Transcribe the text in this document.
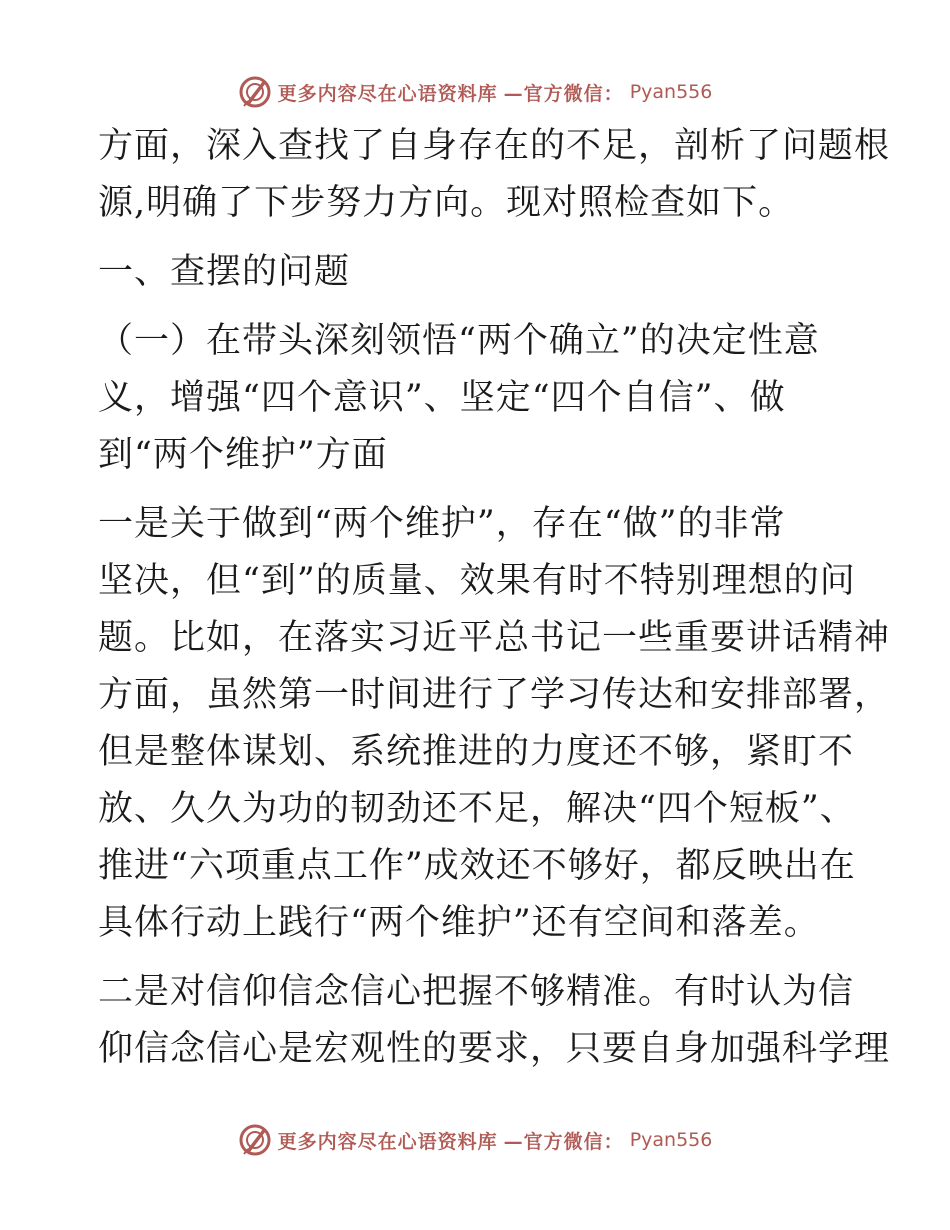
更多内容尽在心语资料库 —官方微信： Pyan556
方面，深入查找了自身存在的不足，剖析了问题根
源,明确了下步努力方向。现对照检查如下。
一、查摆的问题
（一）在带头深刻领悟“两个确立”的决定性意
义，增强“四个意识”、坚定“四个自信”、做
到“两个维护”方面
一是关于做到“两个维护”，存在“做”的非常
坚决，但“到”的质量、效果有时不特别理想的问
题。比如，在落实习近平总书记一些重要讲话精神
方面，虽然第一时间进行了学习传达和安排部署，
但是整体谋划、系统推进的力度还不够，紧盯不
放、久久为功的韧劲还不足，解决“四个短板”、
推进“六项重点工作”成效还不够好，都反映出在
具体行动上践行“两个维护”还有空间和落差。
二是对信仰信念信心把握不够精准。有时认为信
仰信念信心是宏观性的要求，只要自身加强科学理
更多内容尽在心语资料库 —官方微信： Pyan556
